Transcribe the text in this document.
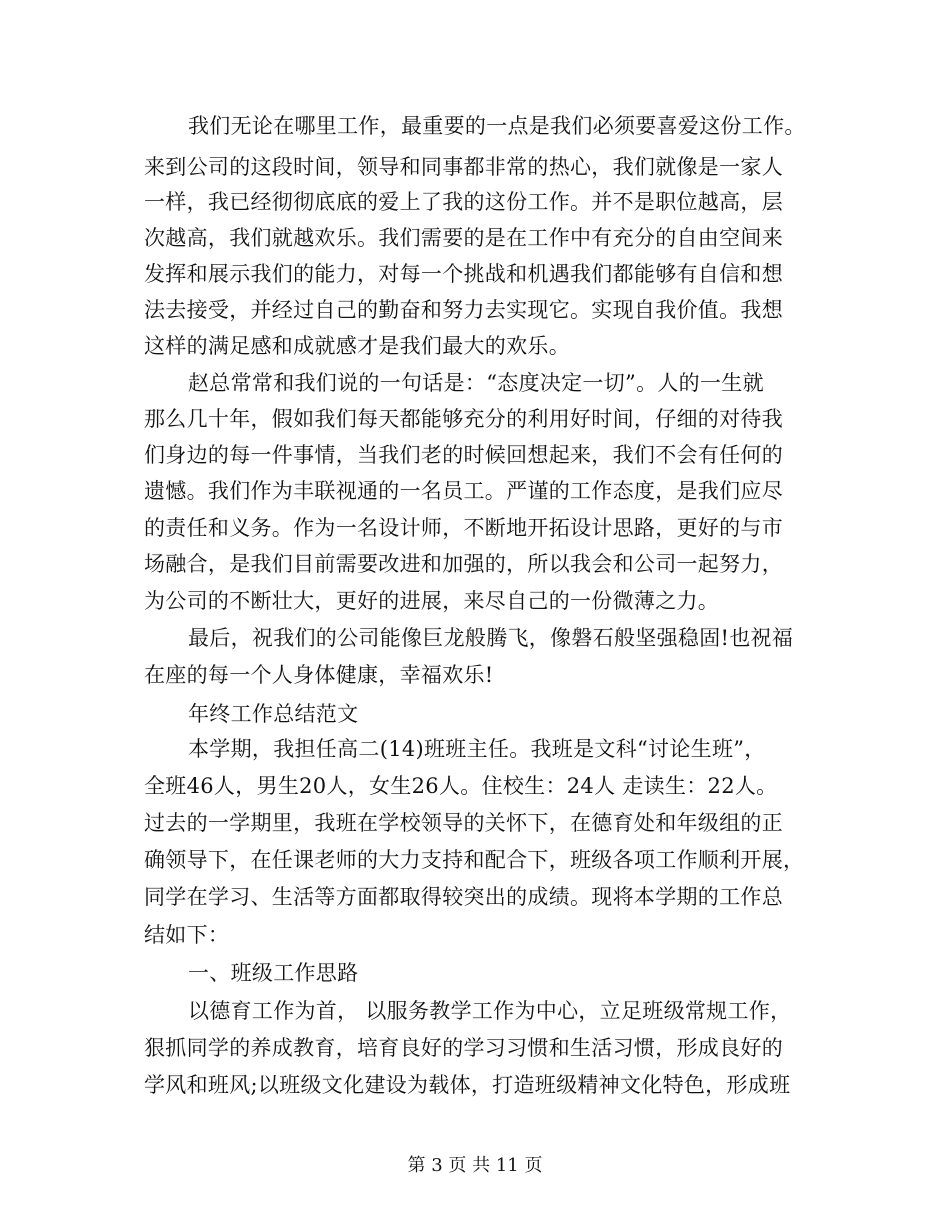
我们无论在哪里工作，最重要的一点是我们必须要喜爱这份工作。
来到公司的这段时间，领导和同事都非常的热心，我们就像是一家人
一样，我已经彻彻底底的爱上了我的这份工作。并不是职位越高，层
次越高，我们就越欢乐。我们需要的是在工作中有充分的自由空间来
发挥和展示我们的能力，对每一个挑战和机遇我们都能够有自信和想
法去接受，并经过自己的勤奋和努力去实现它。实现自我价值。我想
这样的满足感和成就感才是我们最大的欢乐。
赵总常常和我们说的一句话是：“态度决定一切”。人的一生就
那么几十年，假如我们每天都能够充分的利用好时间，仔细的对待我
们身边的每一件事情，当我们老的时候回想起来，我们不会有任何的
遗憾。我们作为丰联视通的一名员工。严谨的工作态度，是我们应尽
的责任和义务。作为一名设计师，不断地开拓设计思路，更好的与市
场融合，是我们目前需要改进和加强的，所以我会和公司一起努力，
为公司的不断壮大，更好的进展，来尽自己的一份微薄之力。
最后，祝我们的公司能像巨龙般腾飞，像磐石般坚强稳固!也祝福
在座的每一个人身体健康，幸福欢乐!
年终工作总结范文
本学期，我担任高二(14)班班主任。我班是文科“讨论生班”，
全班46人，男生20人，女生26人。住校生：24人 走读生：22人。
过去的一学期里，我班在学校领导的关怀下，在德育处和年级组的正
确领导下，在任课老师的大力支持和配合下，班级各项工作顺利开展，
同学在学习、生活等方面都取得较突出的成绩。现将本学期的工作总
结如下：
一、班级工作思路
以德育工作为首， 以服务教学工作为中心，立足班级常规工作，
狠抓同学的养成教育，培育良好的学习习惯和生活习惯，形成良好的
学风和班风;以班级文化建设为载体，打造班级精神文化特色，形成班
第 3 页 共 11 页
